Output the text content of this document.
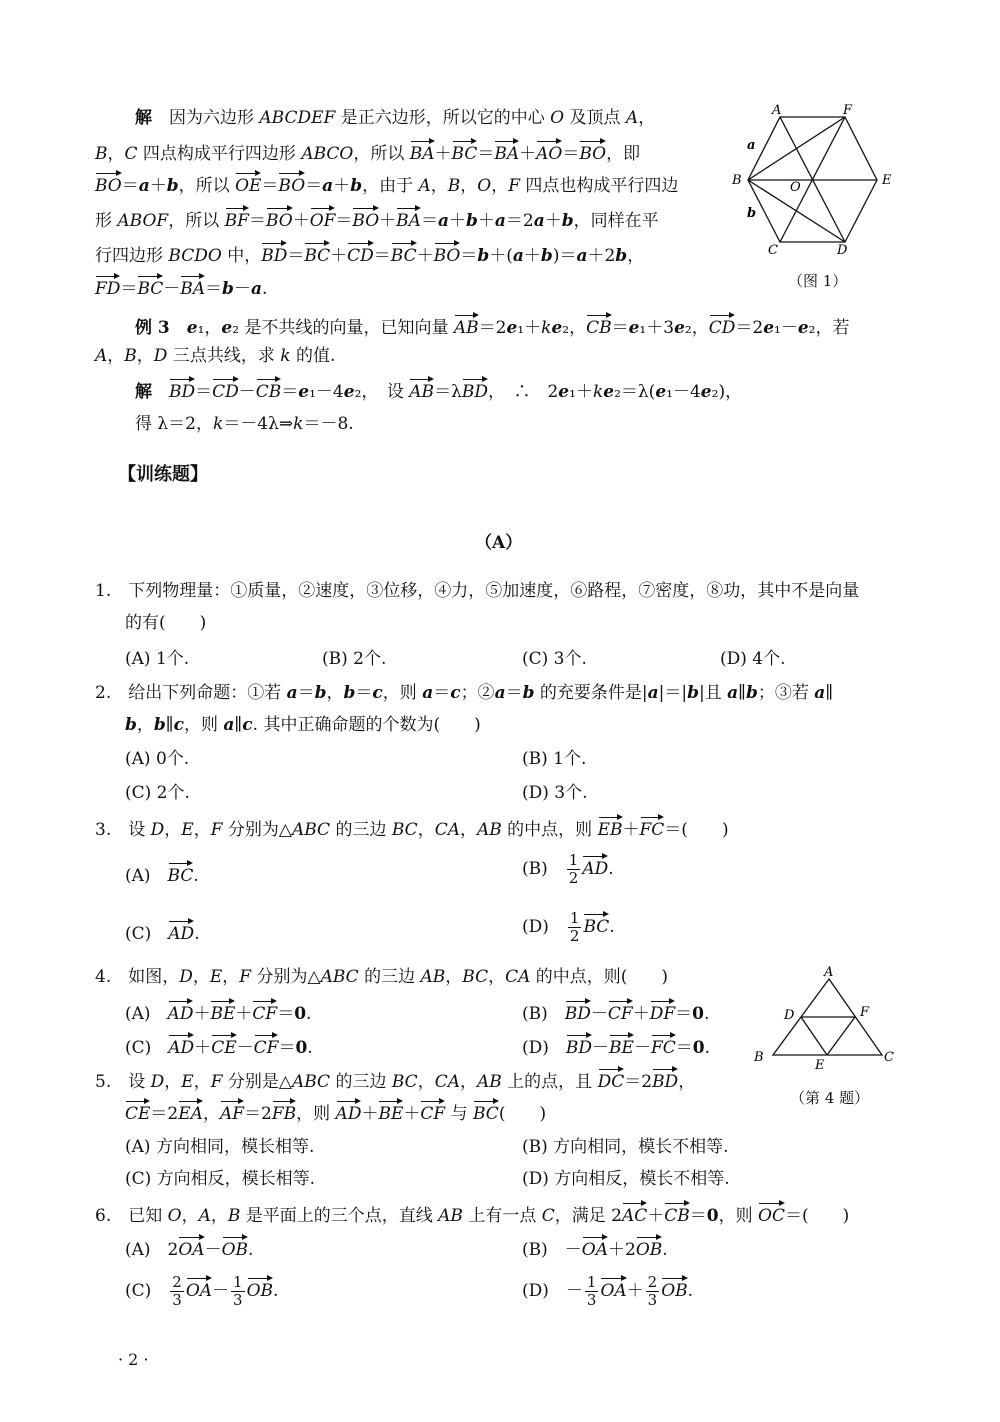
解　因为六边形 ABCDEF 是正六边形，所以它的中心 O 及顶点 A，
B，C 四点构成平行四边形 ABCO，所以 BA＋BC＝BA＋AO＝BO，即
BO＝a＋b，所以 OE＝BO＝a＋b，由于 A，B，O，F 四点也构成平行四边
形 ABOF，所以 BF＝BO＋OF＝BO＋BA＝a＋b＋a＝2a＋b，同样在平
行四边形 BCDO 中，BD＝BC＋CD＝BC＋BO＝b＋(a＋b)＝a＋2b，
FD＝BC－BA＝b－a.
A	F
B	E
C	D
O
a
b
（图 1）
例 3　 e₁，e₂ 是不共线的向量，已知向量 AB＝2e₁＋ke₂，CB＝e₁＋3e₂，CD＝2e₁－e₂，若
A，B，D 三点共线，求 k 的值.
解　 BD＝CD－CB＝e₁－4e₂，　设 AB＝λBD，　∴　2e₁＋ke₂＝λ(e₁－4e₂)，
得 λ＝2，k＝－4λ⇒k＝－8.
【训练题】
（A）
1.　 下列物理量：①质量，②速度，③位移，④力，⑤加速度，⑥路程，⑦密度，⑧功，其中不是向量
的有(　　)
(A) 1个.	(B) 2个.	(C) 3个.	(D) 4个.
2.　给出下列命题：①若 a＝b，b＝c，则 a＝c；②a＝b 的充要条件是|a|＝|b|且 a∥b；③若 a∥
b，b∥c，则 a∥c. 其中正确命题的个数为(　　)
(A) 0个.	(B) 1个.
(C) 2个.	(D) 3个.
3.　设 D，E，F 分别为△ABC 的三边 BC，CA，AB 的中点，则 EB＋FC＝(　　)
(A)　BC.	(B)　 $\frac{1}{2}$ AD.
(C)　AD.	(D)　 $\frac{1}{2}$ BC.
4.　如图，D，E，F 分别为△ABC 的三边 AB，BC，CA 的中点，则(　　)
(A)　AD＋BE＋CF＝0.	(B)　BD－CF＋DF＝0.
(C)　AD＋CE－CF＝0.	(D)　BD－BE－FC＝0.
A
D	F
B
E
C
（第 4 题）
5.　设 D，E，F 分别是△ABC 的三边 BC，CA，AB 上的点，且 DC＝2BD，
CE＝2EA，AF＝2FB，则 AD＋BE＋CF 与 BC(　　)
(A) 方向相同，模长相等.	(B) 方向相同，模长不相等.
(C) 方向相反，模长相等.	(D) 方向相反，模长不相等.
6.　已知 O，A，B 是平面上的三个点，直线 AB 上有一点 C，满足 2AC＋CB＝0，则 OC＝(　　)
(A)　2OA－OB.	(B)　－OA＋2OB.
(C)　 $\frac{2}{3} OA- \frac{1}{3}$ OB.	(D)　－ $\frac{1}{3} OA+ \frac{2}{3}$ OB.
· 2 ·
